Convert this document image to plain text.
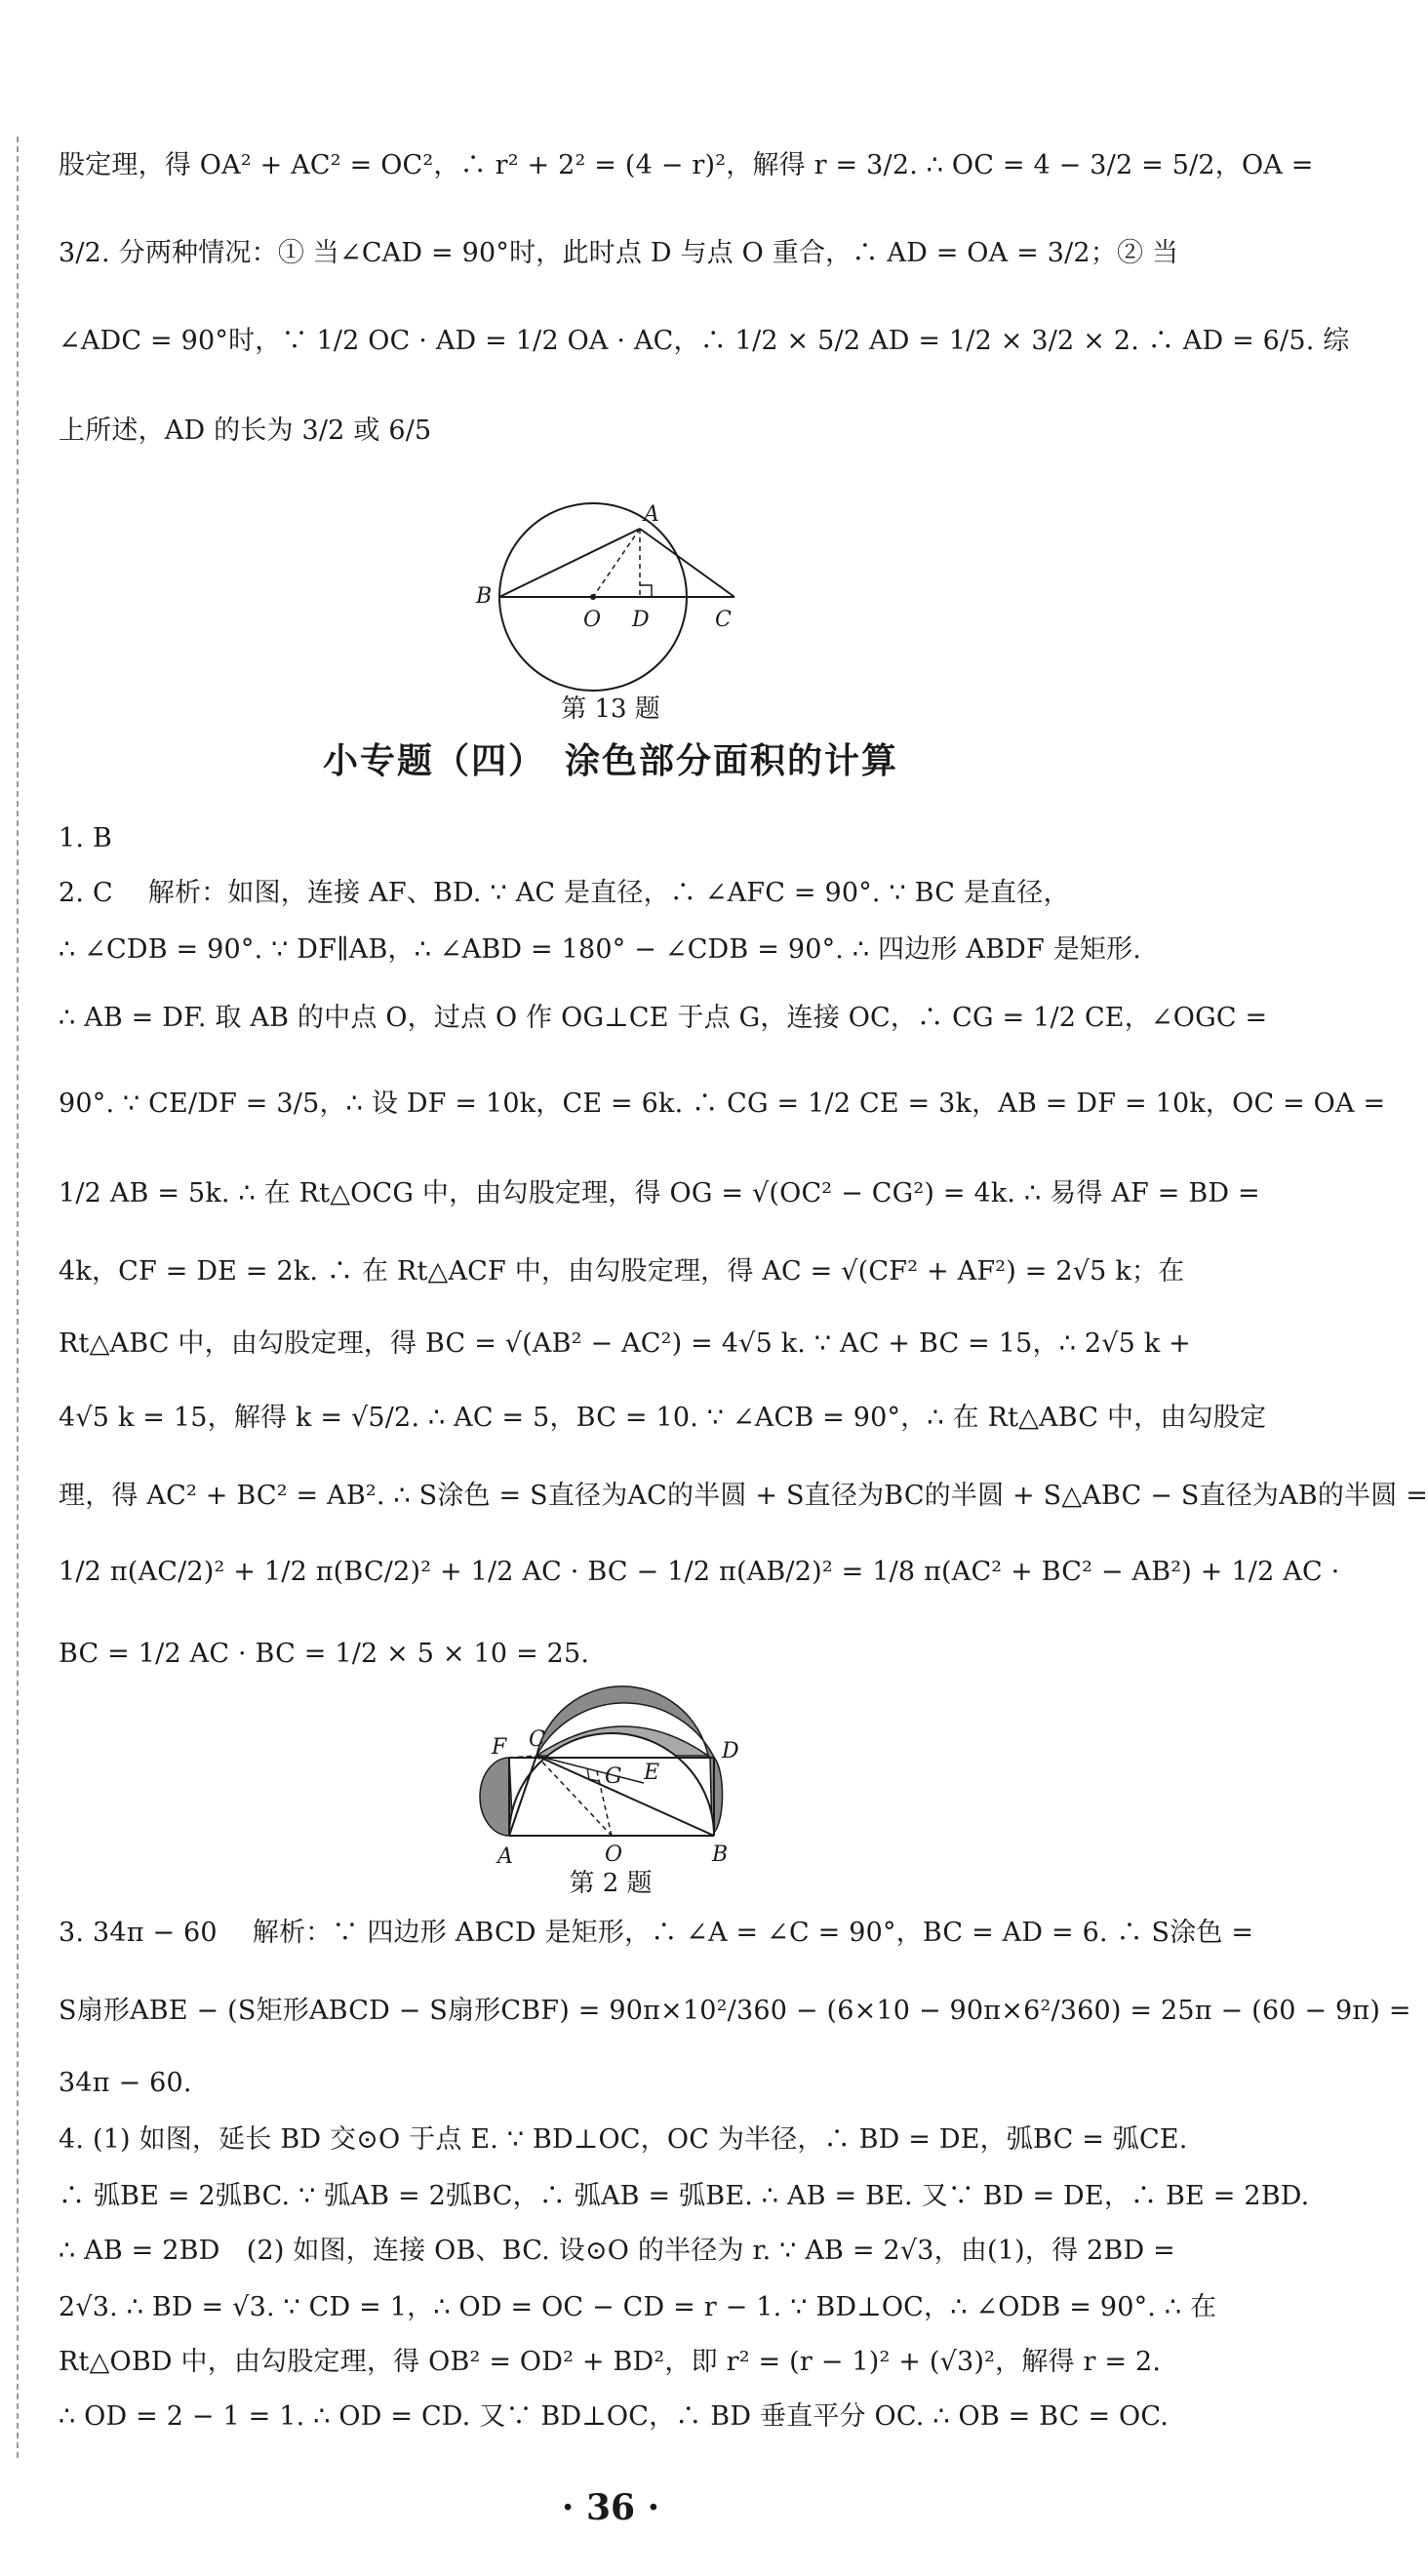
股定理，得 OA² + AC² = OC²，∴ r² + 2² = (4 − r)²，解得 r = 3/2. ∴ OC = 4 − 3/2 = 5/2，OA =
3/2. 分两种情况：① 当∠CAD = 90°时，此时点 D 与点 O 重合，∴ AD = OA = 3/2；② 当
∠ADC = 90°时，∵ 1/2 OC · AD = 1/2 OA · AC，∴ 1/2 × 5/2 AD = 1/2 × 3/2 × 2. ∴ AD = 6/5. 综
上所述，AD 的长为 3/2 或 6/5
A
B
O D	C
第 13 题
小专题（四）　涂色部分面积的计算
1. B
2. C　 解析：如图，连接 AF、BD. ∵ AC 是直径，∴ ∠AFC = 90°. ∵ BC 是直径，
∴ ∠CDB = 90°. ∵ DF∥AB，∴ ∠ABD = 180° − ∠CDB = 90°. ∴ 四边形 ABDF 是矩形.
∴ AB = DF. 取 AB 的中点 O，过点 O 作 OG⊥CE 于点 G，连接 OC，∴ CG = 1/2 CE，∠OGC =
90°. ∵ CE/DF = 3/5，∴ 设 DF = 10k，CE = 6k. ∴ CG = 1/2 CE = 3k，AB = DF = 10k，OC = OA =
1/2 AB = 5k. ∴ 在 Rt△OCG 中，由勾股定理，得 OG = √(OC² − CG²) = 4k. ∴ 易得 AF = BD =
4k，CF = DE = 2k. ∴ 在 Rt△ACF 中，由勾股定理，得 AC = √(CF² + AF²) = 2√5 k；在
Rt△ABC 中，由勾股定理，得 BC = √(AB² − AC²) = 4√5 k. ∵ AC + BC = 15，∴ 2√5 k +
4√5 k = 15，解得 k = √5/2. ∴ AC = 5，BC = 10. ∵ ∠ACB = 90°，∴ 在 Rt△ABC 中，由勾股定
理，得 AC² + BC² = AB². ∴ S涂色 = S直径为AC的半圆 + S直径为BC的半圆 + S△ABC − S直径为AB的半圆 =
1/2 π(AC/2)² + 1/2 π(BC/2)² + 1/2 AC · BC − 1/2 π(AB/2)² = 1/8 π(AC² + BC² − AB²) + 1/2 AC ·
BC = 1/2 AC · BC = 1/2 × 5 × 10 = 25.
F C
G E
D
A	O	B
第 2 题
3. 34π − 60　 解析：∵ 四边形 ABCD 是矩形，∴ ∠A = ∠C = 90°，BC = AD = 6. ∴ S涂色 =
S扇形ABE − (S矩形ABCD − S扇形CBF) = 90π×10²/360 − (6×10 − 90π×6²/360) = 25π − (60 − 9π) =
34π − 60.
4. (1) 如图，延长 BD 交⊙O 于点 E. ∵ BD⊥OC，OC 为半径，∴ BD = DE，弧BC = 弧CE.
∴ 弧BE = 2弧BC. ∵ 弧AB = 2弧BC，∴ 弧AB = 弧BE. ∴ AB = BE. 又∵ BD = DE，∴ BE = 2BD.
∴ AB = 2BD　(2) 如图，连接 OB、BC. 设⊙O 的半径为 r. ∵ AB = 2√3，由(1)，得 2BD =
2√3. ∴ BD = √3. ∵ CD = 1，∴ OD = OC − CD = r − 1. ∵ BD⊥OC，∴ ∠ODB = 90°. ∴ 在
Rt△OBD 中，由勾股定理，得 OB² = OD² + BD²，即 r² = (r − 1)² + (√3)²，解得 r = 2.
∴ OD = 2 − 1 = 1. ∴ OD = CD. 又∵ BD⊥OC，∴ BD 垂直平分 OC. ∴ OB = BC = OC.
· 36 ·
